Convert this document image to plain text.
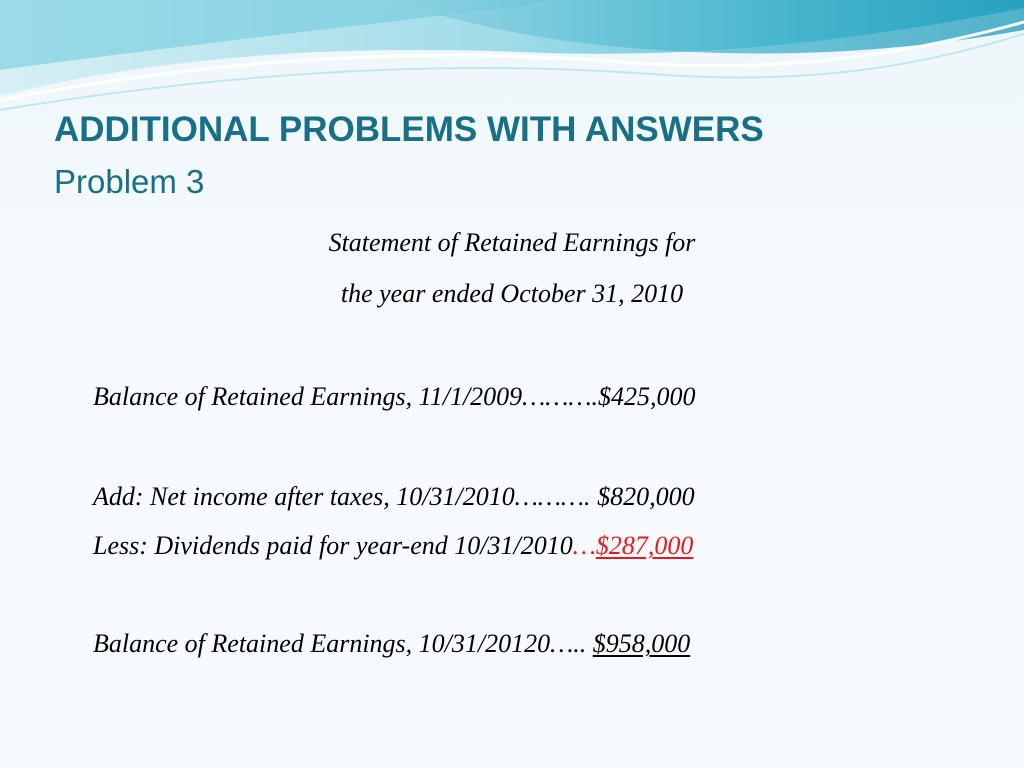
ADDITIONAL PROBLEMS WITH ANSWERS
Problem 3
Statement of Retained Earnings for
the year ended October 31, 2010
Balance of Retained Earnings, 11/1/2009……….$425,000
Add: Net income after taxes, 10/31/2010………. $820,000
Less: Dividends paid for year-end 10/31/2010…$287,000
Balance of Retained Earnings, 10/31/20120….. $958,000
